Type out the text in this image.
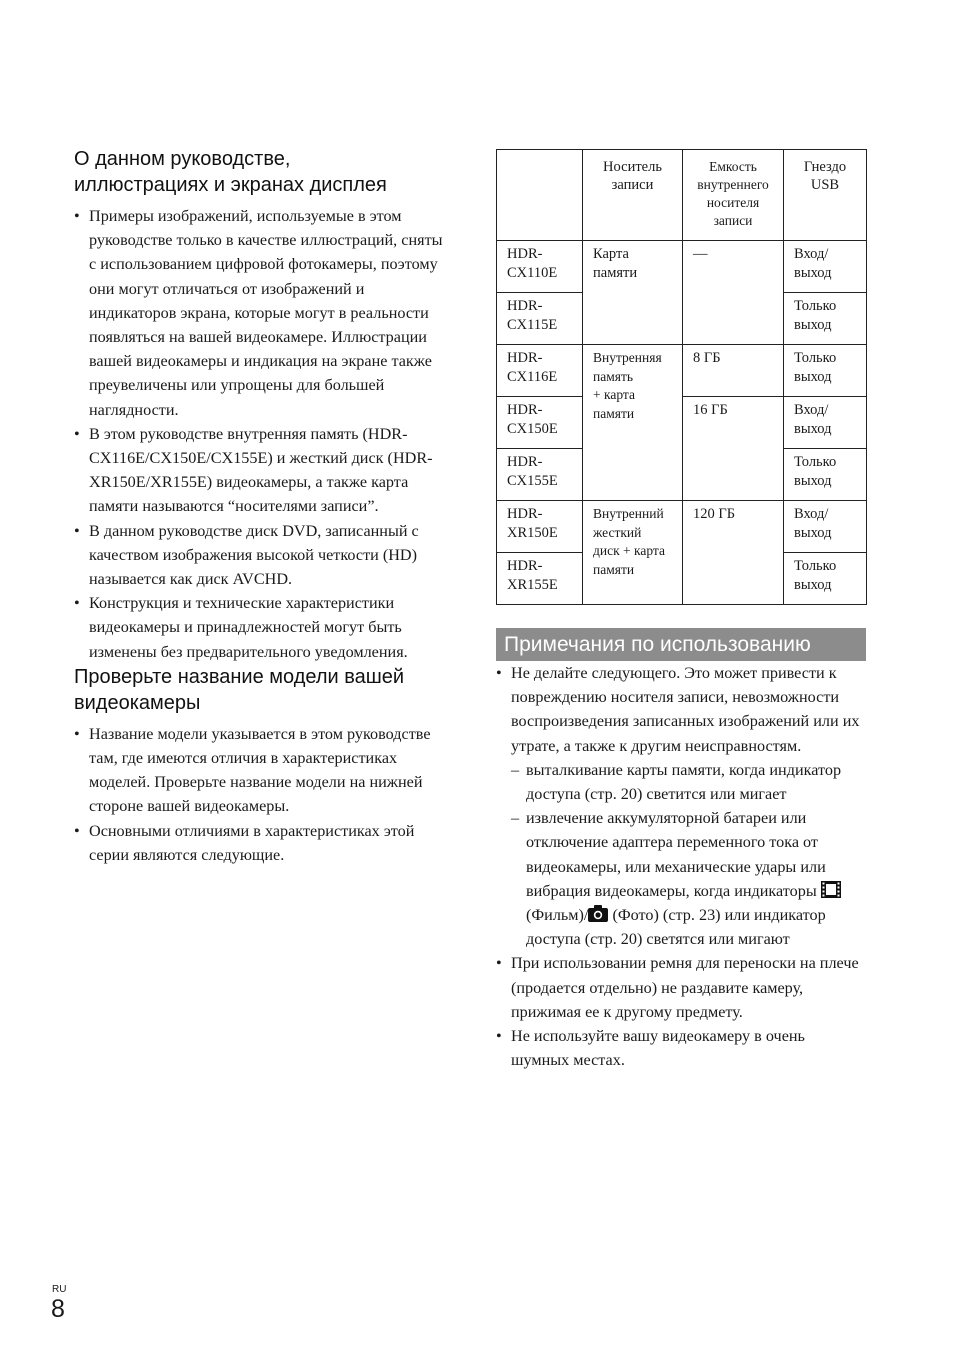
О данном руководстве,
иллюстрациях и экранах дисплея
• Примеры изображений, используемые в этом руководстве только в качестве иллюстраций, сняты с использованием цифровой фотокамеры, поэтому они могут отличаться от изображений и индикаторов экрана, которые могут в реальности появляться на вашей видеокамере. Иллюстрации вашей видеокамеры и индикация на экране также преувеличены или упрощены для большей наглядности.
• В этом руководстве внутренняя память (HDR-CX116E/CX150E/CX155E) и жесткий диск (HDR-XR150E/XR155E) видеокамеры, а также карта памяти называются “носителями записи”.
• В данном руководстве диск DVD, записанный с качеством изображения высокой четкости (HD) называется как диск AVCHD.
• Конструкция и технические характеристики видеокамеры и принадлежностей могут быть изменены без предварительного уведомления.
Проверьте название модели вашей
видеокамеры
• Название модели указывается в этом руководстве там, где имеются отличия в характеристиках моделей. Проверьте название модели на нижней стороне вашей видеокамеры.
• Основными отличиями в характеристиках этой серии являются следующие.
	Носитель записи	Емкость внутреннего носителя записи	Гнездо USB
HDR-
CX110E	Карта
памяти	—	Вход/
выход
HDR-
CX115E			Только
выход
HDR-
CX116E	Внутренняя
память
+ карта
памяти	8 ГБ	Только
выход
HDR-
CX150E		16 ГБ	Вход/
выход
HDR-
CX155E			Только
выход
HDR-
XR150E	Внутренний
жесткий
диск + карта
памяти	120 ГБ	Вход/
выход
HDR-
XR155E			Только
выход
Примечания по использованию
• Не делайте следующего. Это может привести к повреждению носителя записи, невозможности воспроизведения записанных изображений или их утрате, а также к другим неисправностям.
– выталкивание карты памяти, когда индикатор доступа (стр. 20) светится или мигает
– извлечение аккумуляторной батареи или отключение адаптера переменного тока от видеокамеры, или механические удары или вибрация видеокамеры, когда индикаторы  (Фильм)/ (Фото) (стр. 23) или индикатор доступа (стр. 20) светятся или мигают
• При использовании ремня для переноски на плече (продается отдельно) не раздавите камеру, прижимая ее к другому предмету.
• Не используйте вашу видеокамеру в очень шумных местах.
RU
8
